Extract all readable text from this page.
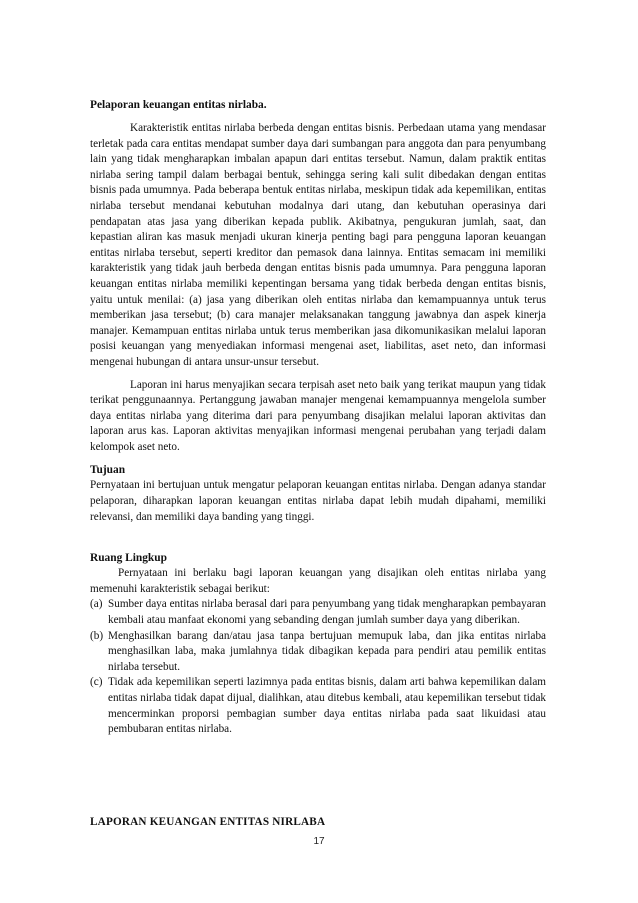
Pelaporan keuangan entitas nirlaba.

Karakteristik entitas nirlaba berbeda dengan entitas bisnis. Perbedaan utama yang mendasar terletak pada cara entitas mendapat sumber daya dari sumbangan para anggota dan para penyumbang lain yang tidak mengharapkan imbalan apapun dari entitas tersebut. Namun, dalam praktik entitas nirlaba sering tampil dalam berbagai bentuk, sehingga sering kali sulit dibedakan dengan entitas bisnis pada umumnya. Pada beberapa bentuk entitas nirlaba, meskipun tidak ada kepemilikan, entitas nirlaba tersebut mendanai kebutuhan modalnya dari utang, dan kebutuhan operasinya dari pendapatan atas jasa yang diberikan kepada publik. Akibatnya, pengukuran jumlah, saat, dan kepastian aliran kas masuk menjadi ukuran kinerja penting bagi para pengguna laporan keuangan entitas nirlaba tersebut, seperti kreditor dan pemasok dana lainnya. Entitas semacam ini memiliki karakteristik yang tidak jauh berbeda dengan entitas bisnis pada umumnya. Para pengguna laporan keuangan entitas nirlaba memiliki kepentingan bersama yang tidak berbeda dengan entitas bisnis, yaitu untuk menilai: (a) jasa yang diberikan oleh entitas nirlaba dan kemampuannya untuk terus memberikan jasa tersebut; (b) cara manajer melaksanakan tanggung jawabnya dan aspek kinerja manajer. Kemampuan entitas nirlaba untuk terus memberikan jasa dikomunikasikan melalui laporan posisi keuangan yang menyediakan informasi mengenai aset, liabilitas, aset neto, dan informasi mengenai hubungan di antara unsur-unsur tersebut.

Laporan ini harus menyajikan secara terpisah aset neto baik yang terikat maupun yang tidak terikat penggunaannya. Pertanggung jawaban manajer mengenai kemampuannya mengelola sumber daya entitas nirlaba yang diterima dari para penyumbang disajikan melalui laporan aktivitas dan laporan arus kas. Laporan aktivitas menyajikan informasi mengenai perubahan yang terjadi dalam kelompok aset neto.

Tujuan

Pernyataan ini bertujuan untuk mengatur pelaporan keuangan entitas nirlaba. Dengan adanya standar pelaporan, diharapkan laporan keuangan entitas nirlaba dapat lebih mudah dipahami, memiliki relevansi, dan memiliki daya banding yang tinggi.

Ruang Lingkup

Pernyataan ini berlaku bagi laporan keuangan yang disajikan oleh entitas nirlaba yang memenuhi karakteristik sebagai berikut:

(a) Sumber daya entitas nirlaba berasal dari para penyumbang yang tidak mengharapkan pembayaran kembali atau manfaat ekonomi yang sebanding dengan jumlah sumber daya yang diberikan.
(b) Menghasilkan barang dan/atau jasa tanpa bertujuan memupuk laba, dan jika entitas nirlaba menghasilkan laba, maka jumlahnya tidak dibagikan kepada para pendiri atau pemilik entitas nirlaba tersebut.
(c) Tidak ada kepemilikan seperti lazimnya pada entitas bisnis, dalam arti bahwa kepemilikan dalam entitas nirlaba tidak dapat dijual, dialihkan, atau ditebus kembali, atau kepemilikan tersebut tidak mencerminkan proporsi pembagian sumber daya entitas nirlaba pada saat likuidasi atau pembubaran entitas nirlaba.
LAPORAN KEUANGAN ENTITAS NIRLABA
17
